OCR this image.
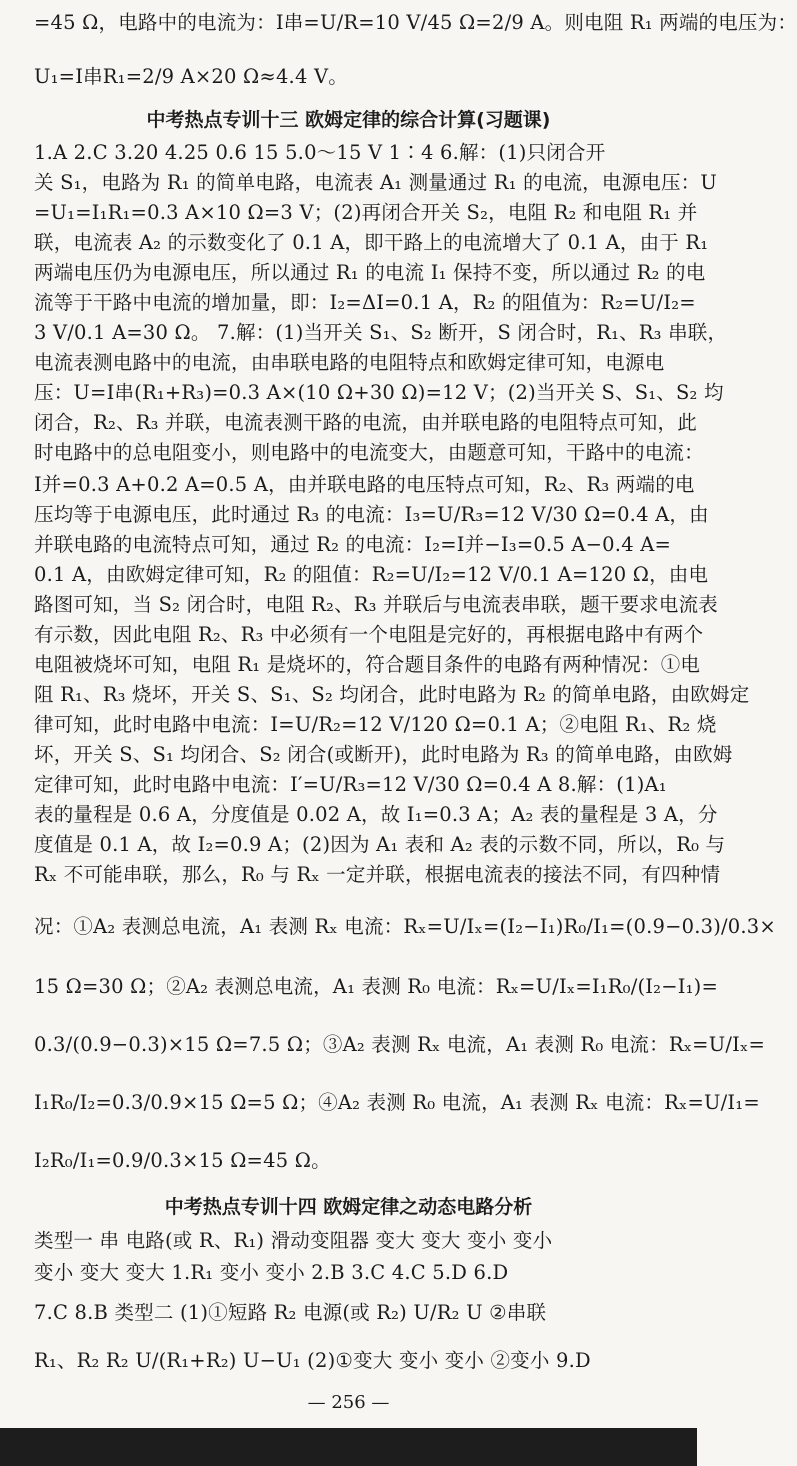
=45 Ω，电路中的电流为：I串=U/R=10 V/45 Ω=2/9 A。则电阻 R₁ 两端的电压为：
U₁=I串R₁=2/9 A×20 Ω≈4.4 V。
中考热点专训十三 欧姆定律的综合计算(习题课)
1.A 2.C 3.20 4.25 0.6 15 5.0～15 V 1∶4 6.解：(1)只闭合开
关 S₁，电路为 R₁ 的简单电路，电流表 A₁ 测量通过 R₁ 的电流，电源电压：U
=U₁=I₁R₁=0.3 A×10 Ω=3 V；(2)再闭合开关 S₂，电阻 R₂ 和电阻 R₁ 并
联，电流表 A₂ 的示数变化了 0.1 A，即干路上的电流增大了 0.1 A，由于 R₁
两端电压仍为电源电压，所以通过 R₁ 的电流 I₁ 保持不变，所以通过 R₂ 的电
流等于干路中电流的增加量，即：I₂=ΔI=0.1 A，R₂ 的阻值为：R₂=U/I₂=
3 V/0.1 A=30 Ω。 7.解：(1)当开关 S₁、S₂ 断开，S 闭合时，R₁、R₃ 串联，
电流表测电路中的电流，由串联电路的电阻特点和欧姆定律可知，电源电
压：U=I串(R₁+R₃)=0.3 A×(10 Ω+30 Ω)=12 V；(2)当开关 S、S₁、S₂ 均
闭合，R₂、R₃ 并联，电流表测干路的电流，由并联电路的电阻特点可知，此
时电路中的总电阻变小，则电路中的电流变大，由题意可知，干路中的电流：
I并=0.3 A+0.2 A=0.5 A，由并联电路的电压特点可知，R₂、R₃ 两端的电
压均等于电源电压，此时通过 R₃ 的电流：I₃=U/R₃=12 V/30 Ω=0.4 A，由
并联电路的电流特点可知，通过 R₂ 的电流：I₂=I并−I₃=0.5 A−0.4 A=
0.1 A，由欧姆定律可知，R₂ 的阻值：R₂=U/I₂=12 V/0.1 A=120 Ω，由电
路图可知，当 S₂ 闭合时，电阻 R₂、R₃ 并联后与电流表串联，题干要求电流表
有示数，因此电阻 R₂、R₃ 中必须有一个电阻是完好的，再根据电路中有两个
电阻被烧坏可知，电阻 R₁ 是烧坏的，符合题目条件的电路有两种情况：①电
阻 R₁、R₃ 烧坏，开关 S、S₁、S₂ 均闭合，此时电路为 R₂ 的简单电路，由欧姆定
律可知，此时电路中电流：I=U/R₂=12 V/120 Ω=0.1 A；②电阻 R₁、R₂ 烧
坏，开关 S、S₁ 均闭合、S₂ 闭合(或断开)，此时电路为 R₃ 的简单电路，由欧姆
定律可知，此时电路中电流：I′=U/R₃=12 V/30 Ω=0.4 A 8.解：(1)A₁
表的量程是 0.6 A，分度值是 0.02 A，故 I₁=0.3 A；A₂ 表的量程是 3 A，分
度值是 0.1 A，故 I₂=0.9 A；(2)因为 A₁ 表和 A₂ 表的示数不同，所以，R₀ 与
Rₓ 不可能串联，那么，R₀ 与 Rₓ 一定并联，根据电流表的接法不同，有四种情
况：①A₂ 表测总电流，A₁ 表测 Rₓ 电流：Rₓ=U/Iₓ=(I₂−I₁)R₀/I₁=(0.9−0.3)/0.3×
15 Ω=30 Ω；②A₂ 表测总电流，A₁ 表测 R₀ 电流：Rₓ=U/Iₓ=I₁R₀/(I₂−I₁)=
0.3/(0.9−0.3)×15 Ω=7.5 Ω；③A₂ 表测 Rₓ 电流，A₁ 表测 R₀ 电流：Rₓ=U/Iₓ=
I₁R₀/I₂=0.3/0.9×15 Ω=5 Ω；④A₂ 表测 R₀ 电流，A₁ 表测 Rₓ 电流：Rₓ=U/I₁=
I₂R₀/I₁=0.9/0.3×15 Ω=45 Ω。
中考热点专训十四 欧姆定律之动态电路分析
类型一 串 电路(或 R、R₁) 滑动变阻器 变大 变大 变小 变小
变小 变大 变大 1.R₁ 变小 变小 2.B 3.C 4.C 5.D 6.D
7.C 8.B 类型二 (1)①短路 R₂ 电源(或 R₂) U/R₂ U ②串联
R₁、R₂ R₂ U/(R₁+R₂) U−U₁ (2)①变大 变小 变小 ②变小 9.D
— 256 —
